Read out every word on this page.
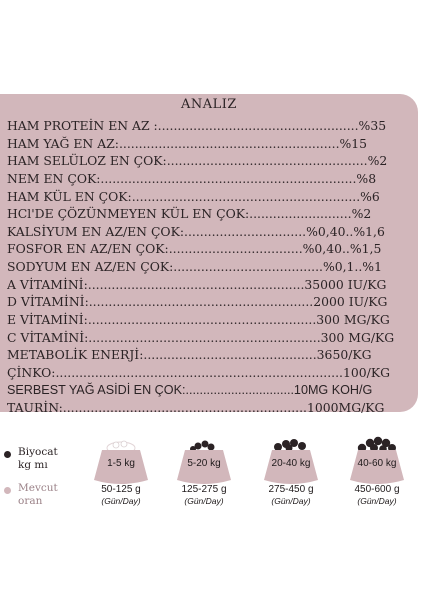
ANALIZ
HAM PROTEİN EN AZ :...................................................%35
HAM YAĞ EN AZ:........................................................%15
HAM SELÜLOZ EN ÇOK:...................................................%2
NEM EN ÇOK:.................................................................%8
HAM KÜL EN ÇOK:..........................................................%6
HCl'DE ÇÖZÜNMEYEN KÜL EN ÇOK:..........................%2
KALSİYUM EN AZ/EN ÇOK:...............................%0,40..%1,6
FOSFOR EN AZ/EN ÇOK:..................................%0,40..%1,5
SODYUM EN AZ/EN ÇOK:......................................%0,1..%1
A VİTAMİNİ:.......................................................35000 IU/KG
D VİTAMİNİ:.........................................................2000 IU/KG
E VİTAMİNİ:..........................................................300 MG/KG
C VİTAMİNİ:...........................................................300 MG/KG
METABOLİK ENERJİ:............................................3650/KG
ÇİNKO:.........................................................................100/KG
SERBEST YAĞ ASİDİ EN ÇOK:...............................10MG KOH/G
TAURİN:..............................................................1000MG/KG
Biyocat
kg mı
Mevcut
oran
1-5 kg
50-125 g
(Gün/Day)
5-20 kg
125-275 g
(Gün/Day)
20-40 kg
275-450 g
(Gün/Day)
40-60 kg
450-600 g
(Gün/Day)
